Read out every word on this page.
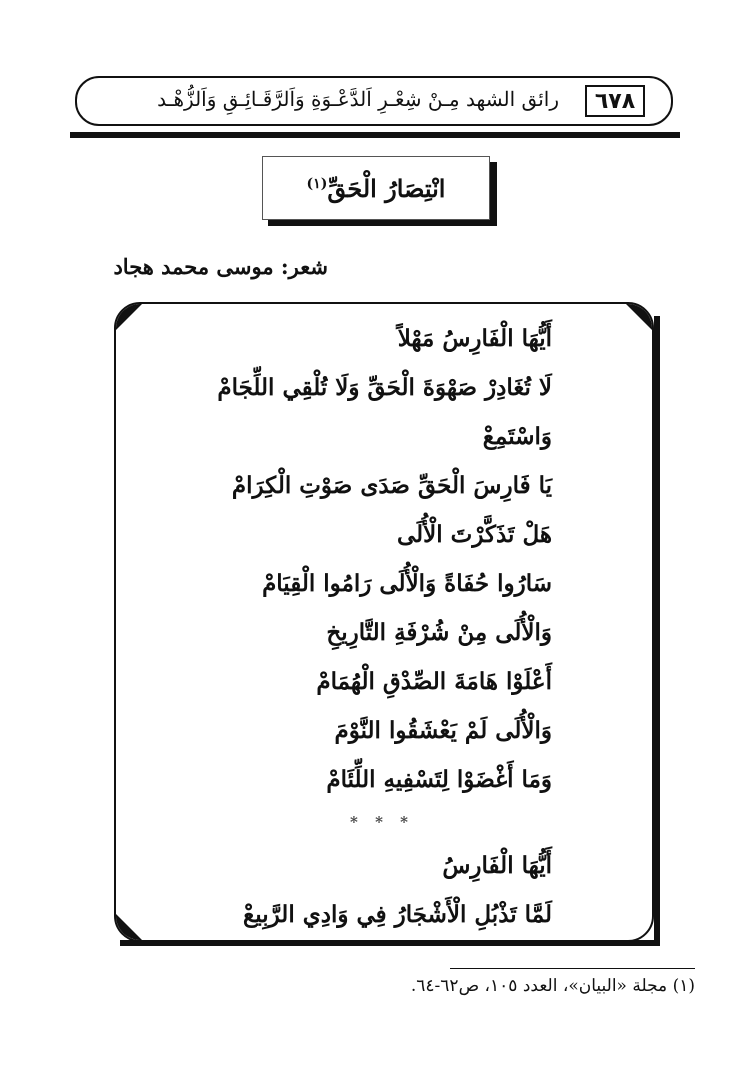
٦٧٨
رائق الشهد مِـنْ شِعْـرِ اَلدَّعْـوَةِ وَاَلرَّقَـائِـقِ وَاَلزُّهْـد
انْتِصَارُ الْحَقِّ$^{(١)}$
شعر: موسى محمد هجاد
أَيُّهَا الْفَارِسُ مَهْلاً
لَا تُغَادِرْ صَهْوَةَ الْحَقِّ وَلَا تُلْقِي اللِّجَامْ
وَاسْتَمِعْ
يَا فَارِسَ الْحَقِّ صَدَى صَوْتِ الْكِرَامْ
هَلْ تَذَكَّرْتَ الْأُلَى
سَارُوا حُفَاةً وَالْأُلَى رَامُوا الْقِيَامْ
وَالْأُلَى مِنْ شُرْفَةِ التَّارِيخِ
أَعْلَوْا هَامَةَ الصِّدْقِ الْهُمَامْ
وَالْأُلَى لَمْ يَعْشَقُوا النَّوْمَ
وَمَا أَغْضَوْا لِتَسْفِيهِ اللِّئَامْ
* * *
أَيُّهَا الْفَارِسُ
لَمَّا تَذْبُلِ الْأَشْجَارُ فِي وَادِي الرَّبِيعْ
(١) مجلة «البيان»، العدد ١٠٥، ص٦٢-٦٤.
